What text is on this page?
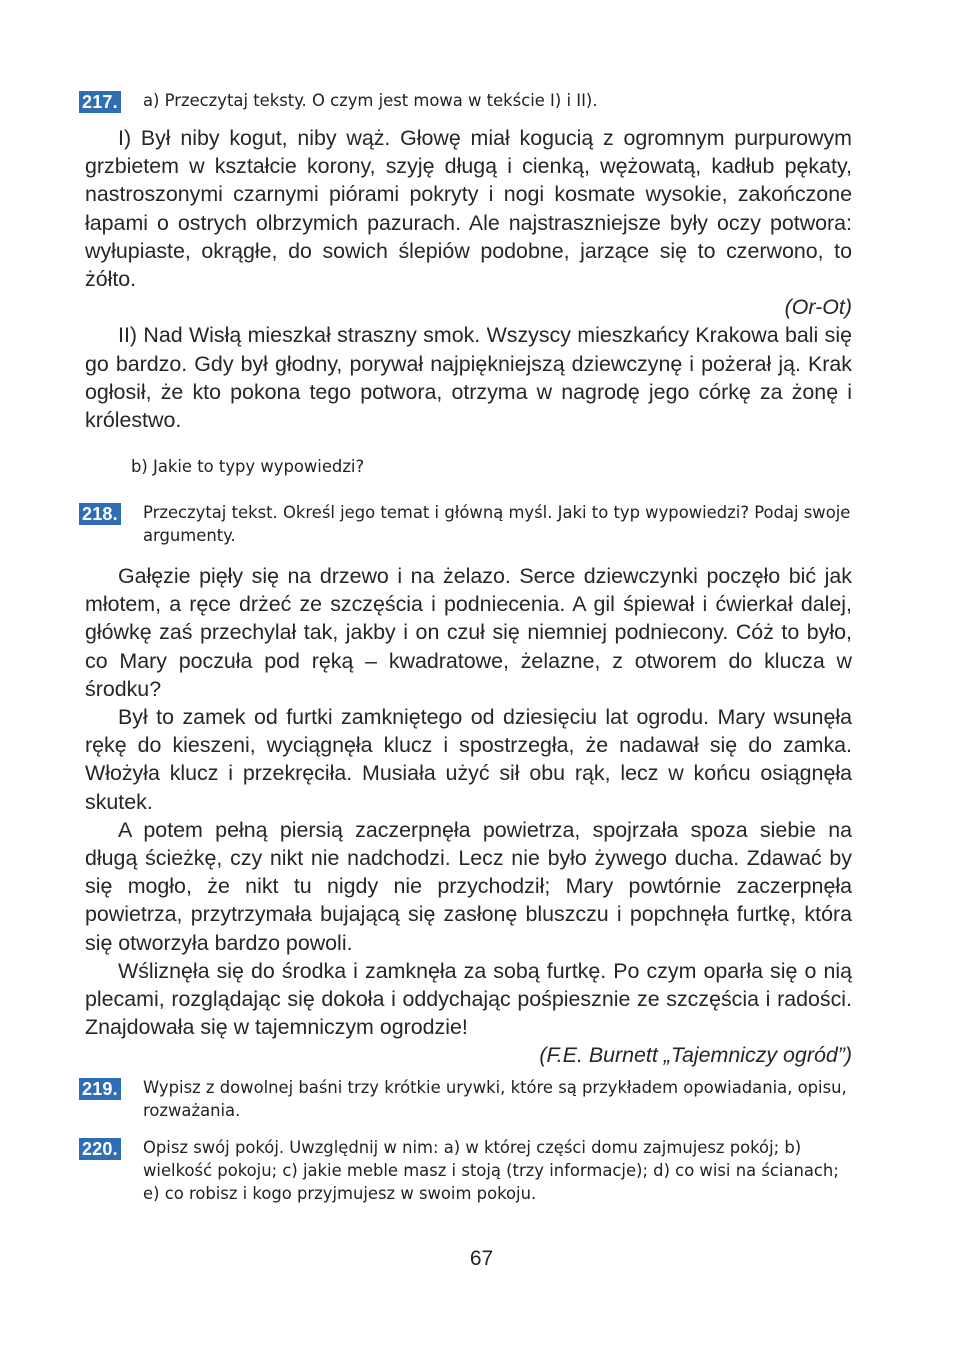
217. a) Przeczytaj teksty. O czym jest mowa w tekście I) i II).

I) Był niby kogut, niby wąż. Głowę miał kogucią z ogromnym purpurowym grzbietem w kształcie korony, szyję długą i cienką, wężowatą, kadłub pękaty, nastroszonymi czarnymi piórami pokryty i nogi kosmate wysokie, zakończone łapami o ostrych olbrzymich pazurach. Ale najstraszniejsze były oczy potwora: wyłupiaste, okrągłe, do sowich ślepiów podobne, jarzące się to czerwono, to żółto.

(Or-Ot)

II) Nad Wisłą mieszkał straszny smok. Wszyscy mieszkańcy Krakowa bali się go bardzo. Gdy był głodny, porywał najpiękniejszą dziewczynę i pożerał ją. Krak ogłosił, że kto pokona tego potwora, otrzyma w nagrodę jego córkę za żonę i królestwo.

b) Jakie to typy wypowiedzi?

218. Przeczytaj tekst. Określ jego temat i główną myśl. Jaki to typ wypowiedzi? Podaj swoje argumenty.

Gałęzie pięły się na drzewo i na żelazo. Serce dziewczynki poczęło bić jak młotem, a ręce drżeć ze szczęścia i podniecenia. A gil śpiewał i ćwierkał dalej, główkę zaś przechylał tak, jakby i on czuł się niemniej podniecony. Cóż to było, co Mary poczuła pod ręką – kwadratowe, żelazne, z otworem do klucza w środku?

Był to zamek od furtki zamkniętego od dziesięciu lat ogrodu. Mary wsunęła rękę do kieszeni, wyciągnęła klucz i spostrzegła, że nadawał się do zamka. Włożyła klucz i przekręciła. Musiała użyć sił obu rąk, lecz w końcu osiągnęła skutek.

A potem pełną piersią zaczerpnęła powietrza, spojrzała spoza siebie na długą ścieżkę, czy nikt nie nadchodzi. Lecz nie było żywego ducha. Zdawać by się mogło, że nikt tu nigdy nie przychodził; Mary powtórnie zaczerpnęła powietrza, przytrzymała bujającą się zasłonę bluszczu i popchnęła furtkę, która się otworzyła bardzo powoli.

Wśliznęła się do środka i zamknęła za sobą furtkę. Po czym oparła się o nią plecami, rozglądając się dokoła i oddychając pośpiesznie ze szczęścia i radości. Znajdowała się w tajemniczym ogrodzie!

(F.E. Burnett „Tajemniczy ogród”)

219. Wypisz z dowolnej baśni trzy krótkie urywki, które są przykładem opowiadania, opisu, rozważania.

220. Opisz swój pokój. Uwzględnij w nim: a) w której części domu zajmujesz pokój; b) wielkość pokoju; c) jakie meble masz i stoją (trzy informacje); d) co wisi na ścianach; e) co robisz i kogo przyjmujesz w swoim pokoju.

67
